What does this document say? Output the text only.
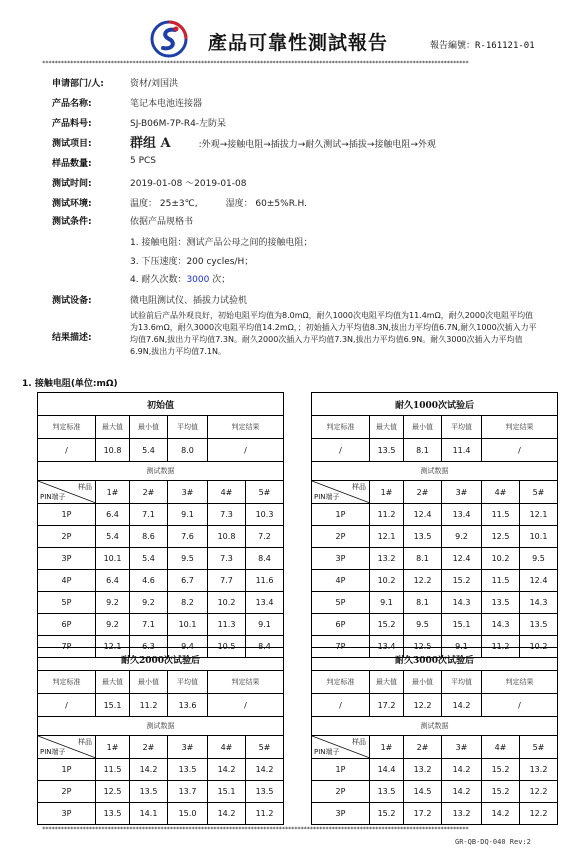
產品可靠性測試報告	報告編號：R-161121-01
*****************************************************************************************************************************************
申请部门/人:	资材/刘国洪
产品名称:	笔记本电池连接器
产品料号:	SJ-B06M-7P-R4-左防呆
测试项目:	群组 A	:外观→接触电阻→插拔力→耐久测试→插拔→接触电阻→外观
样品数量:	5 PCS
测试时间:	2019-01-08 ～2019-01-08
测试环境:	温度： 25±3℃,	湿度： 60±5%R.H.
测试条件:	依据产品规格书
1. 接触电阻：测试产品公母之间的接触电阻；
3. 下压速度：200 cycles/H；
4. 耐久次数：3000 次；
测试设备:	微电阻测试仪、插拔力试验机
结果描述:
试验前后产品外观良好，初始电阻平均值为8.0mΩ，耐久1000次电阻平均值为11.4mΩ，耐久2000次电阻平均值为13.6mΩ，耐久3000次电阻平均值14.2mΩ，；初始插入力平均值8.3N,拔出力平均值6.7N,耐久1000次插入力平均值7.6N,拔出力平均值7.3N。耐久2000次插入力平均值7.3N,拔出力平均值6.9N。耐久3000次插入力平均值6.9N,拔出力平均值7.1N。
1. 接触电阻(单位:mΩ)
初始值					
判定标准	最大值	最小值	平均值	判定结果	
/	10.8	5.4	8.0	/	
测试数据					

样品
PIN端子	1#	2#	3#	4#	5#
1P	6.4	7.1	9.1	7.3	10.3
2P	5.4	8.6	7.6	10.8	7.2
3P	10.1	5.4	9.5	7.3	8.4
4P	6.4	4.6	6.7	7.7	11.6
5P	9.2	9.2	8.2	10.2	13.4
6P	9.2	7.1	10.1	11.3	9.1
7P	12.1	6.3	9.4	10.5	8.4
耐久1000次试验后					
判定标准	最大值	最小值	平均值	判定结果	
/	13.5	8.1	11.4	/	
测试数据					

样品
PIN端子	1#	2#	3#	4#	5#
1P	11.2	12.4	13.4	11.5	12.1
2P	12.1	13.5	9.2	12.5	10.1
3P	13.2	8.1	12.4	10.2	9.5
4P	10.2	12.2	15.2	11.5	12.4
5P	9.1	8.1	14.3	13.5	14.3
6P	15.2	9.5	15.1	14.3	13.5
7P	13.4	12.5	9.1	11.2	10.2
耐久2000次试验后					
判定标准	最大值	最小值	平均值	判定结果	
/	15.1	11.2	13.6	/	
测试数据					

样品
PIN端子	1#	2#	3#	4#	5#
1P	11.5	14.2	13.5	14.2	14.2
2P	12.5	13.5	13.7	15.1	13.5
3P	13.5	14.1	15.0	14.2	11.2
耐久3000次试验后					
判定标准	最大值	最小值	平均值	判定结果	
/	17.2	12.2	14.2	/	
测试数据					

样品
PIN端子	1#	2#	3#	4#	5#
1P	14.4	13.2	14.2	15.2	13.2
2P	13.5	14.5	14.2	15.2	12.2
3P	15.2	17.2	13.2	14.2	12.2
*****************************************************************************************************************************************
GR-QB-DQ-040 Rev:2
